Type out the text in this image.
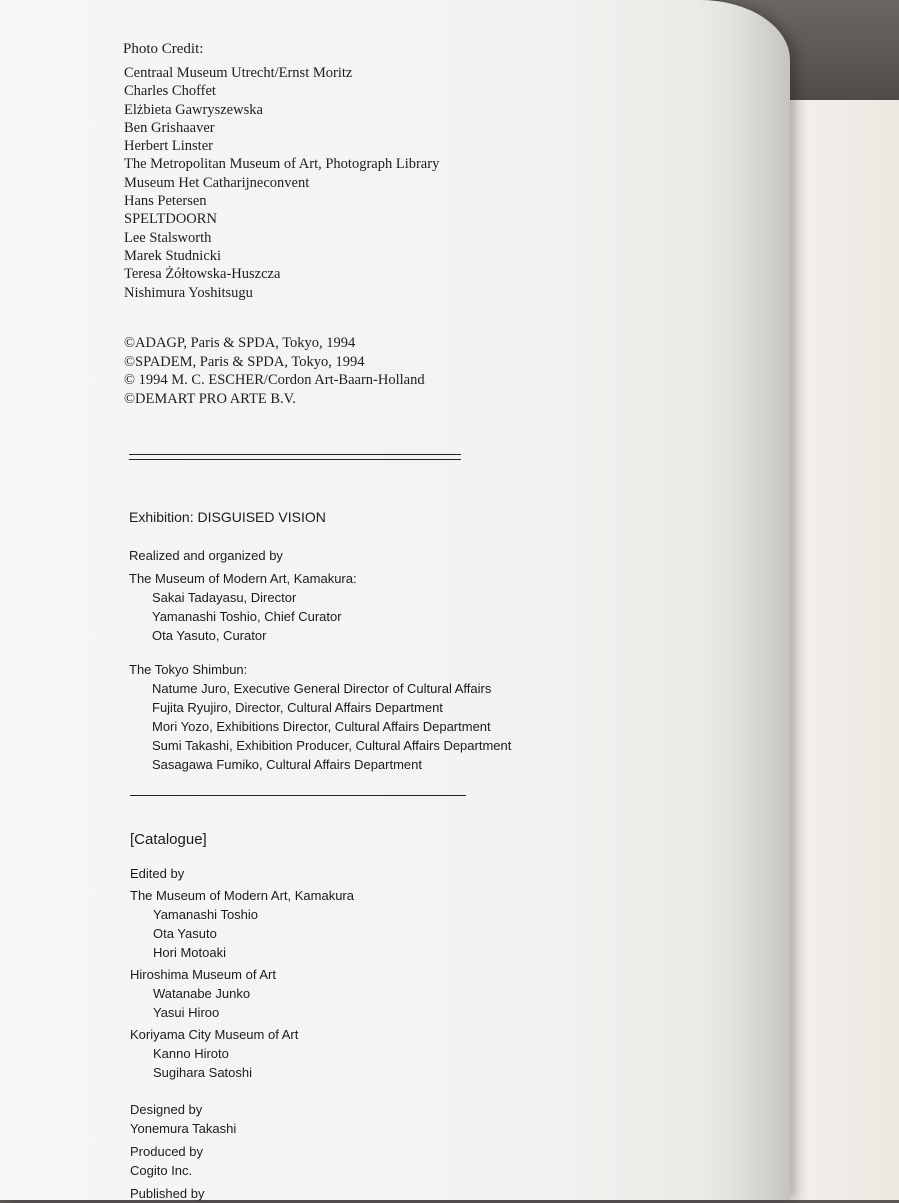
Photo Credit:
Centraal Museum Utrecht/Ernst Moritz
Charles Choffet
Elżbieta Gawryszewska
Ben Grishaaver
Herbert Linster
The Metropolitan Museum of Art, Photograph Library
Museum Het Catharijneconvent
Hans Petersen
SPELTDOORN
Lee Stalsworth
Marek Studnicki
Teresa Żółtowska-Huszcza
Nishimura Yoshitsugu
©ADAGP, Paris & SPDA, Tokyo, 1994
©SPADEM, Paris & SPDA, Tokyo, 1994
© 1994 M. C. ESCHER/Cordon Art-Baarn-Holland
©DEMART PRO ARTE B.V.
Exhibition: DISGUISED VISION
Realized and organized by
The Museum of Modern Art, Kamakura:
Sakai Tadayasu, Director
Yamanashi Toshio, Chief Curator
Ota Yasuto, Curator
The Tokyo Shimbun:
Natume Juro, Executive General Director of Cultural Affairs
Fujita Ryujiro, Director, Cultural Affairs Department
Mori Yozo, Exhibitions Director, Cultural Affairs Department
Sumi Takashi, Exhibition Producer, Cultural Affairs Department
Sasagawa Fumiko, Cultural Affairs Department
[Catalogue]
Edited by
The Museum of Modern Art, Kamakura
Yamanashi Toshio
Ota Yasuto
Hori Motoaki
Hiroshima Museum of Art
Watanabe Junko
Yasui Hiroo
Koriyama City Museum of Art
Kanno Hiroto
Sugihara Satoshi
Designed by
Yonemura Takashi
Produced by
Cogito Inc.
Published by
